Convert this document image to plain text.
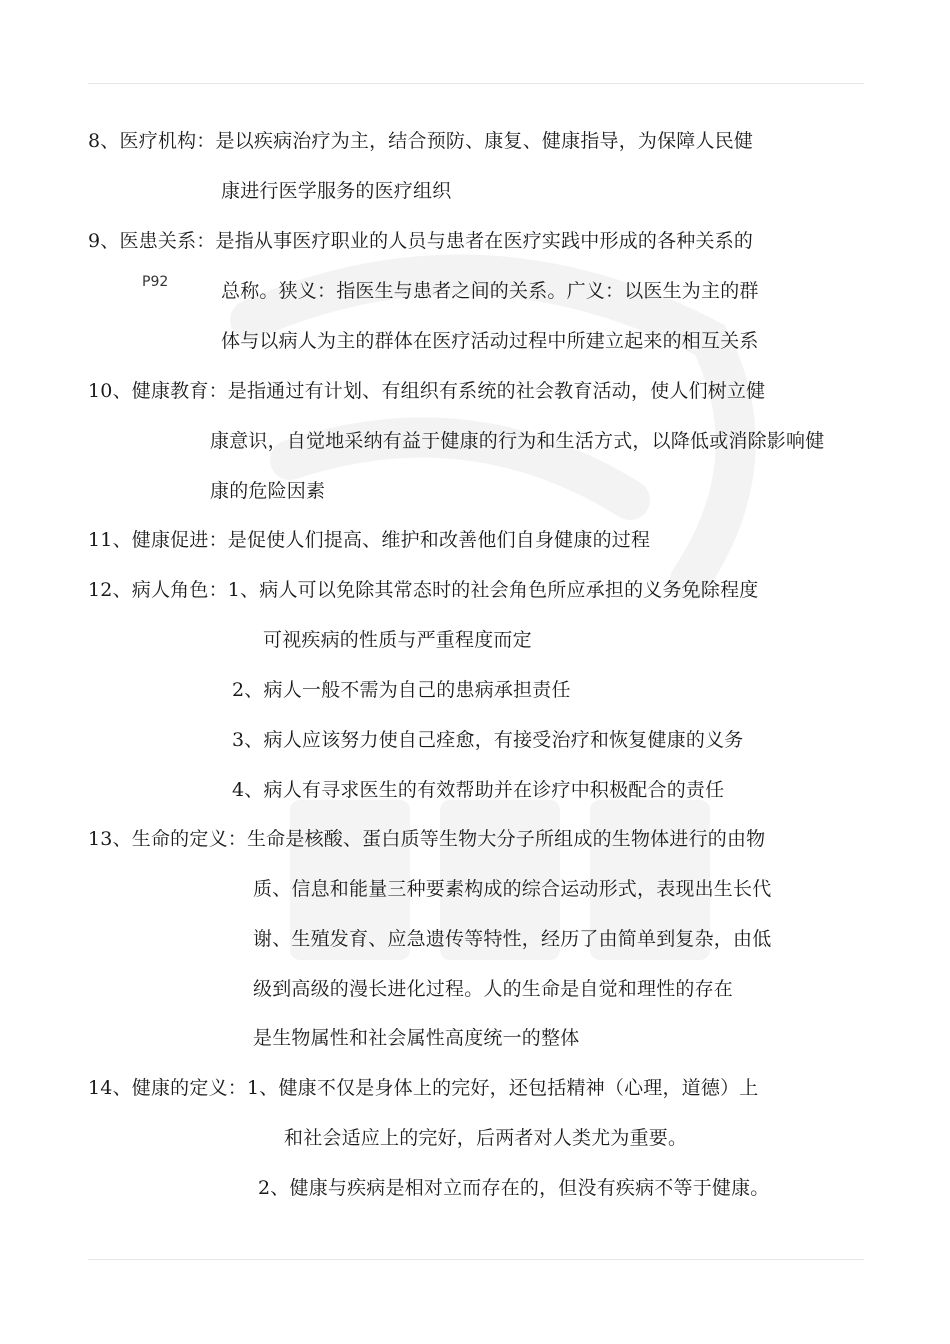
8、医疗机构：是以疾病治疗为主，结合预防、康复、健康指导，为保障人民健
康进行医学服务的医疗组织
9、医患关系：是指从事医疗职业的人员与患者在医疗实践中形成的各种关系的
P92	总称。狭义：指医生与患者之间的关系。广义：以医生为主的群
体与以病人为主的群体在医疗活动过程中所建立起来的相互关系
10、健康教育：是指通过有计划、有组织有系统的社会教育活动，使人们树立健
康意识，自觉地采纳有益于健康的行为和生活方式，以降低或消除影响健
康的危险因素
11、健康促进：是促使人们提高、维护和改善他们自身健康的过程
12、病人角色：1、病人可以免除其常态时的社会角色所应承担的义务免除程度
可视疾病的性质与严重程度而定
2、病人一般不需为自己的患病承担责任
3、病人应该努力使自己痊愈，有接受治疗和恢复健康的义务
4、病人有寻求医生的有效帮助并在诊疗中积极配合的责任
13、生命的定义：生命是核酸、蛋白质等生物大分子所组成的生物体进行的由物
质、信息和能量三种要素构成的综合运动形式，表现出生长代
谢、生殖发育、应急遗传等特性，经历了由简单到复杂，由低
级到高级的漫长进化过程。人的生命是自觉和理性的存在
是生物属性和社会属性高度统一的整体
14、健康的定义：1、健康不仅是身体上的完好，还包括精神（心理，道德）上
和社会适应上的完好，后两者对人类尤为重要。
2、健康与疾病是相对立而存在的，但没有疾病不等于健康。
